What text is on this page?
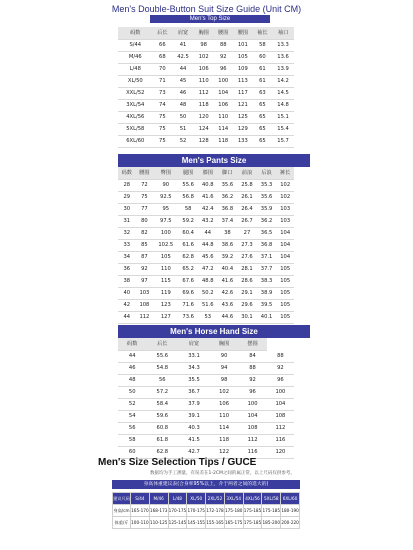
Men's Double-Button Suit Size Guide (Unit CM)
Men's Top Size
码数	后长	肩宽	胸围	腰围	腰围	袖长	袖口
S/44	66	41	98	88	101	58	13.3
M/46	68	42.5	102	92	105	60	13.6
L/48	70	44	106	96	109	61	13.9
XL/50	71	45	110	100	113	61	14.2
XXL/52	73	46	112	104	117	63	14.5
3XL/54	74	48	118	106	121	65	14.8
4XL/56	75	50	120	110	125	65	15.1
5XL/58	75	51	124	114	129	65	15.4
6XL/60	75	52	128	118	133	65	15.7
Men's Pants Size
码数	腰围	臀围	腿围	膝围	脚口	前浪	后浪	裤长
28	72	90	55.6	40.8	35.6	25.8	35.3	102
29	75	92.5	56.8	41.6	36.2	26.1	35.6	102
30	77	95	58	42.4	36.8	26.4	35.9	103
31	80	97.5	59.2	43.2	37.4	26.7	36.2	103
32	82	100	60.4	44	38	27	36.5	104
33	85	102.5	61.6	44.8	38.6	27.3	36.8	104
34	87	105	62.8	45.6	39.2	27.6	37.1	104
36	92	110	65.2	47.2	40.4	28.1	37.7	105
38	97	115	67.6	48.8	41.6	28.6	38.3	105
40	103	119	69.6	50.2	42.6	29.1	38.9	105
42	108	123	71.6	51.6	43.6	29.6	39.5	105
44	112	127	73.6	53	44.6	30.1	40.1	105
Men's Horse Hand Size
码数	后长	肩宽	胸围	摆围	
44	55.6	33.1	90	84	88
46	54.8	34.3	94	88	92
48	56	35.5	98	92	96
50	57.2	36.7	102	96	100
52	58.4	37.9	106	100	104
54	59.6	39.1	110	104	108
56	60.8	40.3	114	108	112
58	61.8	41.5	118	112	116
60	62.8	42.7	122	116	120
Men's Size Selection Tips / GUCE
数据均为手工测量，有误差在1-2CM之间的属正常，以上尺码仅供参考。
身高体重建议表(合身率95%以上，介于两者之间的选大的)
建议尺码	S/44	M/46	L/48	XL/50	2XL/52	3XL/54	4XL/56	5XL/58	6XL/60
身高/cm	165-170	168-173	170-175	170-175	172-178	175-180	175-185	175-185	180-190
体重/斤	100-110	110-125	125-145	145-155	155-165	165-175	175-185	185-200	200-220
